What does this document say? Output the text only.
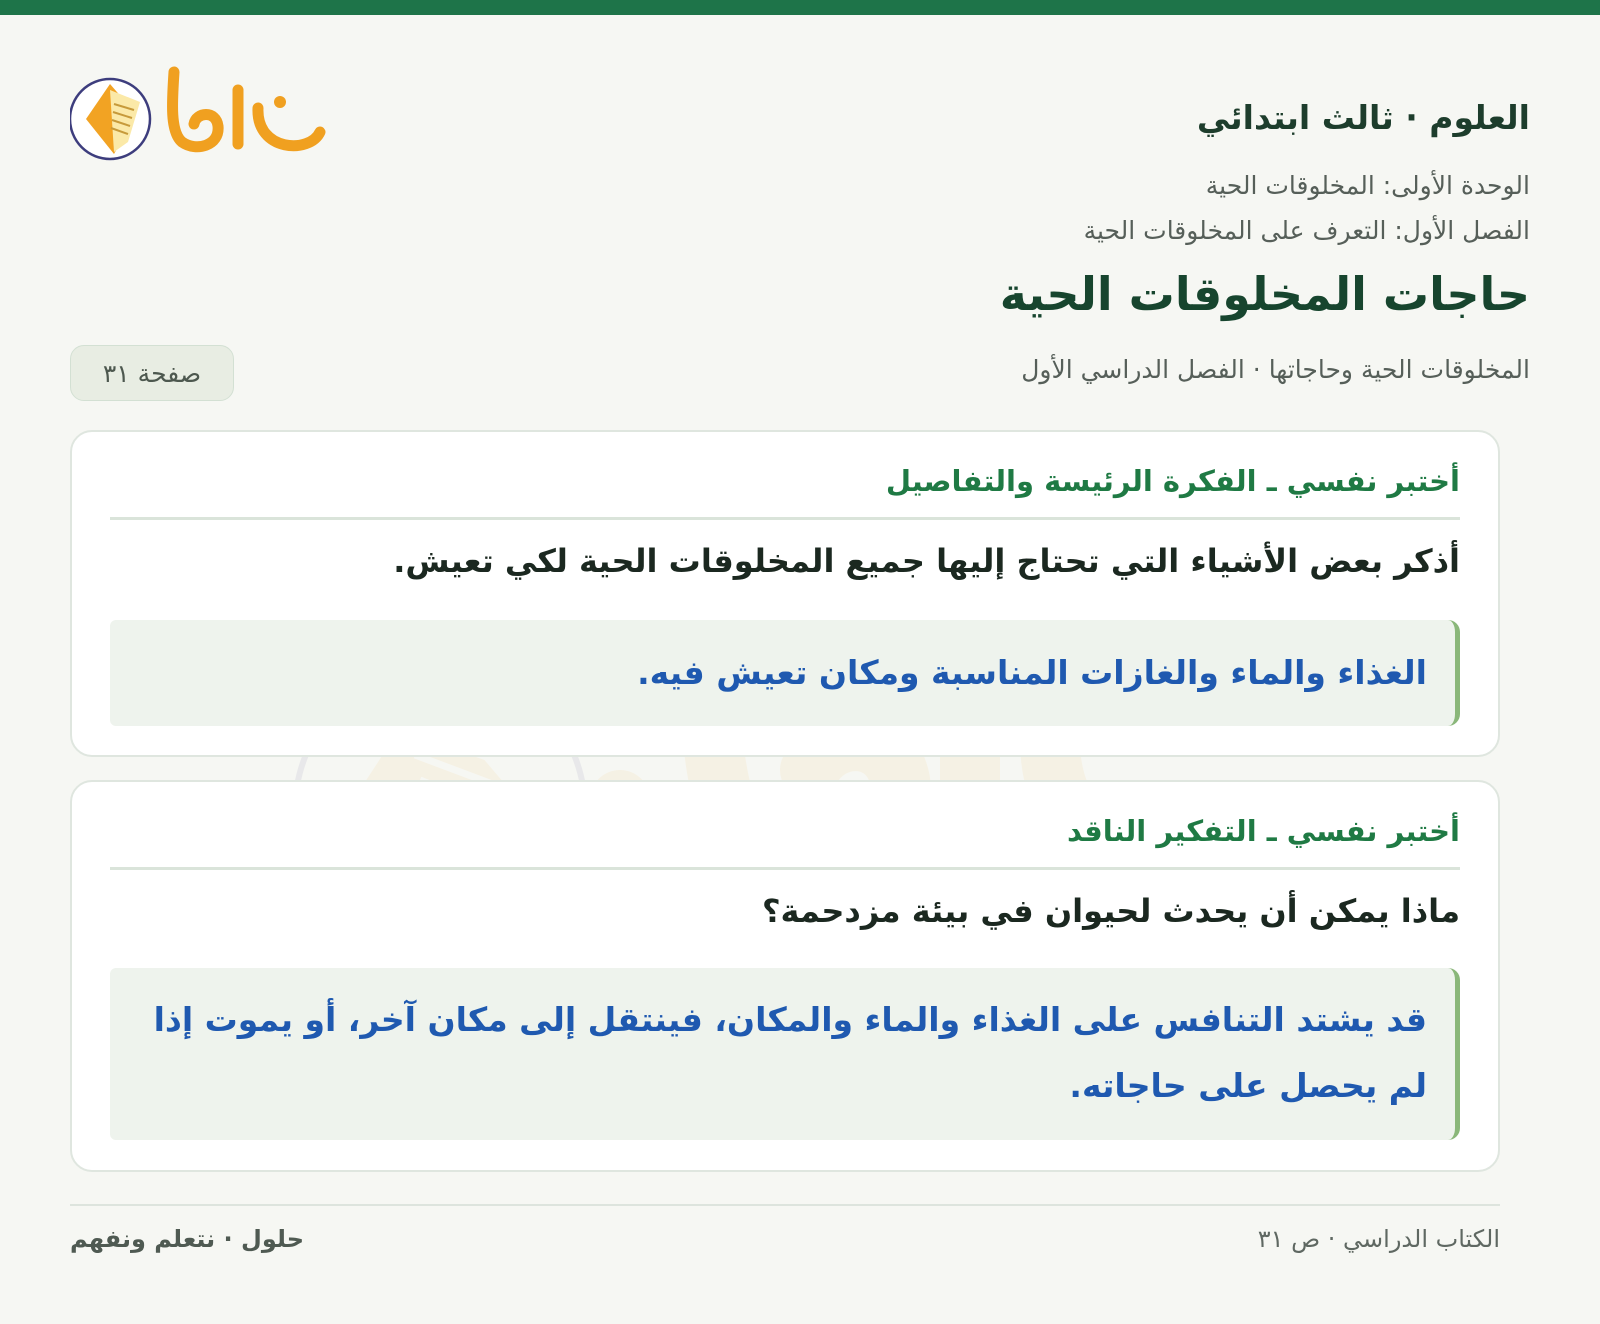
العلوم · ثالث ابتدائي
الوحدة الأولى: المخلوقات الحية
الفصل الأول: التعرف على المخلوقات الحية
حاجات المخلوقات الحية
المخلوقات الحية وحاجاتها · الفصل الدراسي الأول
صفحة ٣١
أختبر نفسي ـ الفكرة الرئيسة والتفاصيل
أذكر بعض الأشياء التي تحتاج إليها جميع المخلوقات الحية لكي تعيش.

الغذاء والماء والغازات المناسبة ومكان تعيش فيه.

أختبر نفسي ـ التفكير الناقد
ماذا يمكن أن يحدث لحيوان في بيئة مزدحمة؟

قد يشتد التنافس على الغذاء والماء والمكان، فينتقل إلى مكان آخر، أو يموت إذا لم يحصل على حاجاته.

الكتاب الدراسي · ص ٣١
حلول · نتعلم ونفهم
